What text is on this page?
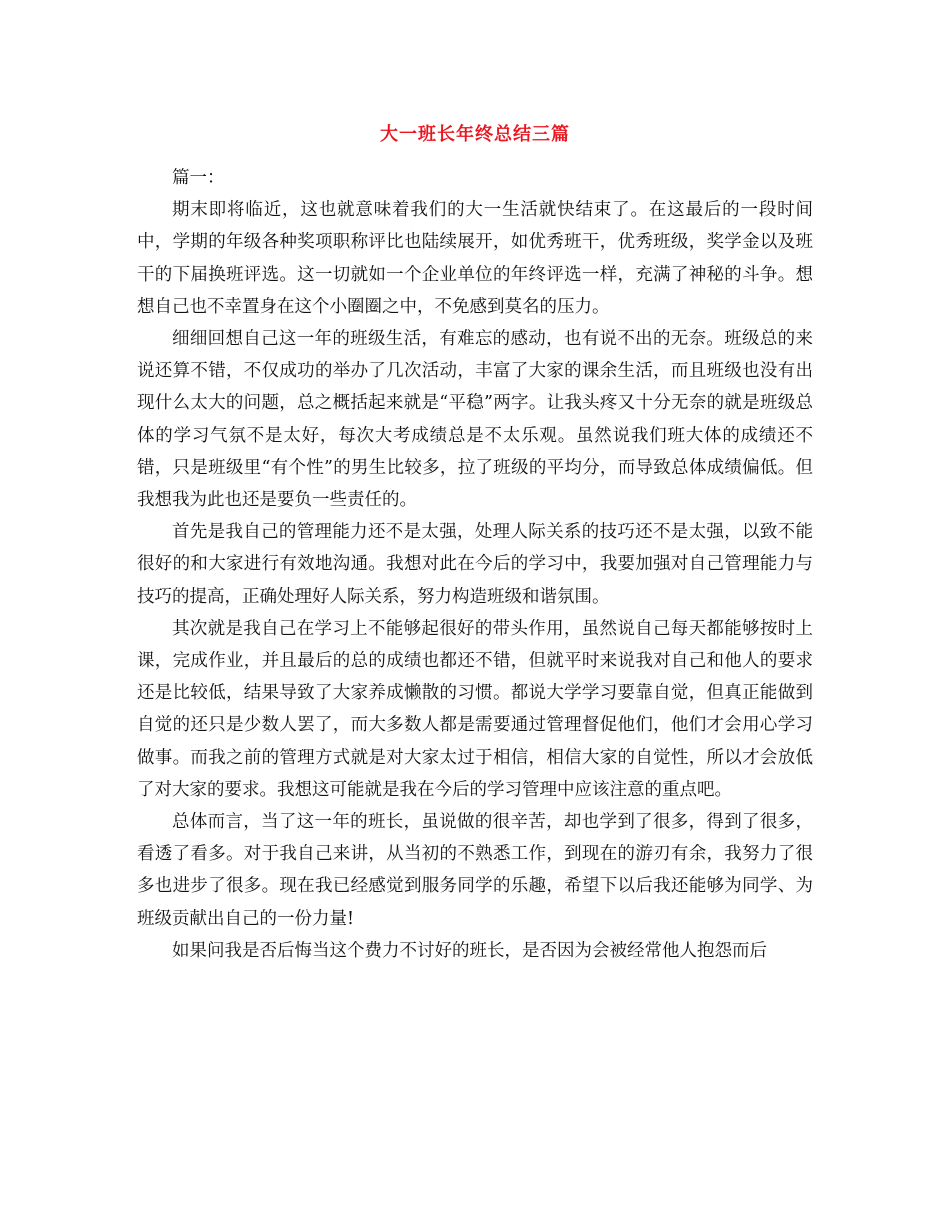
大一班长年终总结三篇

篇一：

期末即将临近，这也就意味着我们的大一生活就快结束了。在这最后的一段时间中，学期的年级各种奖项职称评比也陆续展开，如优秀班干，优秀班级，奖学金以及班干的下届换班评选。这一切就如一个企业单位的年终评选一样，充满了神秘的斗争。想想自己也不幸置身在这个小圈圈之中，不免感到莫名的压力。

细细回想自己这一年的班级生活，有难忘的感动，也有说不出的无奈。班级总的来说还算不错，不仅成功的举办了几次活动，丰富了大家的课余生活，而且班级也没有出现什么太大的问题，总之概括起来就是“平稳”两字。让我头疼又十分无奈的就是班级总体的学习气氛不是太好，每次大考成绩总是不太乐观。虽然说我们班大体的成绩还不错，只是班级里“有个性”的男生比较多，拉了班级的平均分，而导致总体成绩偏低。但我想我为此也还是要负一些责任的。

首先是我自己的管理能力还不是太强，处理人际关系的技巧还不是太强，以致不能很好的和大家进行有效地沟通。我想对此在今后的学习中，我要加强对自己管理能力与技巧的提高，正确处理好人际关系，努力构造班级和谐氛围。

其次就是我自己在学习上不能够起很好的带头作用，虽然说自己每天都能够按时上课，完成作业，并且最后的总的成绩也都还不错，但就平时来说我对自己和他人的要求还是比较低，结果导致了大家养成懒散的习惯。都说大学学习要靠自觉，但真正能做到自觉的还只是少数人罢了，而大多数人都是需要通过管理督促他们，他们才会用心学习做事。而我之前的管理方式就是对大家太过于相信，相信大家的自觉性，所以才会放低了对大家的要求。我想这可能就是我在今后的学习管理中应该注意的重点吧。

总体而言，当了这一年的班长，虽说做的很辛苦，却也学到了很多，得到了很多，看透了看多。对于我自己来讲，从当初的不熟悉工作，到现在的游刃有余，我努力了很多也进步了很多。现在我已经感觉到服务同学的乐趣，希望下以后我还能够为同学、为班级贡献出自己的一份力量!

如果问我是否后悔当这个费力不讨好的班长，是否因为会被经常他人抱怨而后
